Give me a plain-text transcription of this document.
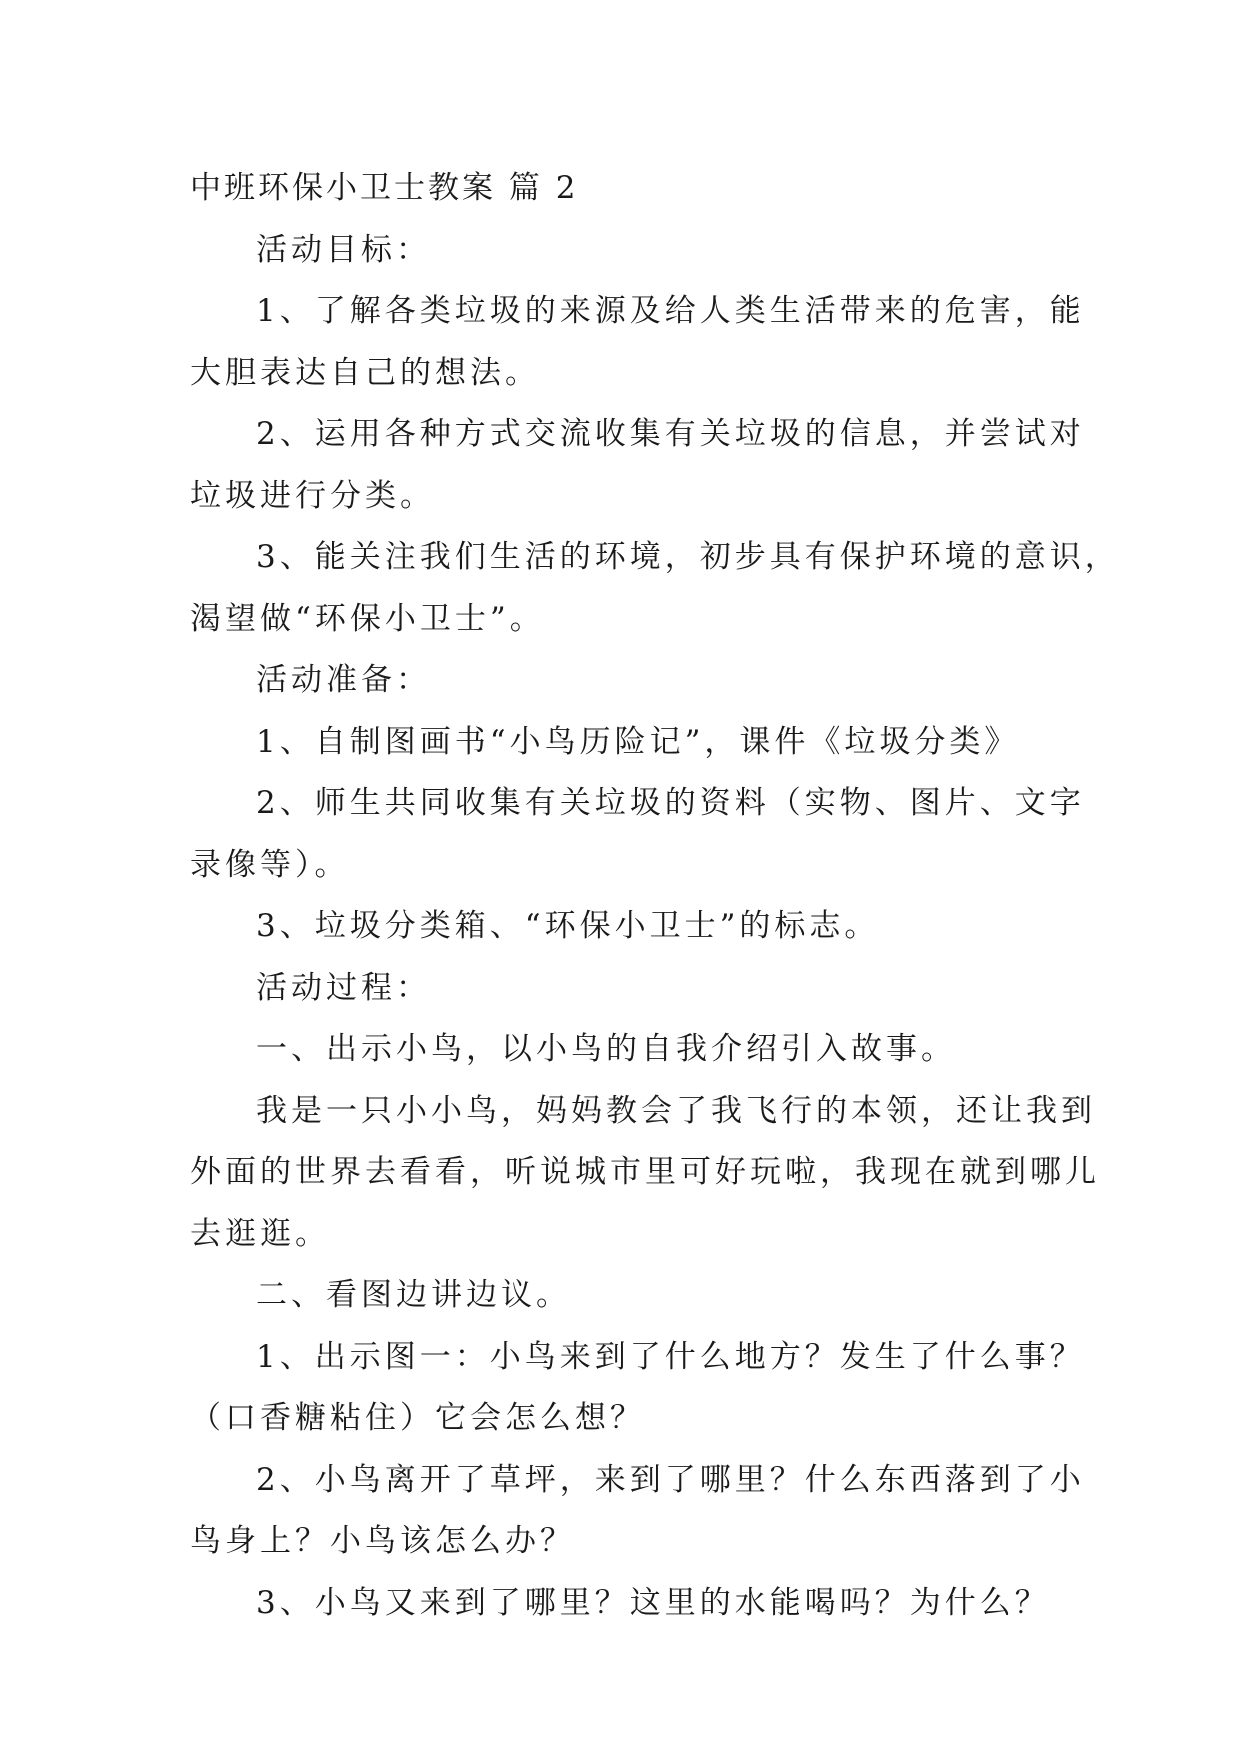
中班环保小卫士教案 篇 2
活动目标：
1、了解各类垃圾的来源及给人类生活带来的危害，能
大胆表达自己的想法。
2、运用各种方式交流收集有关垃圾的信息，并尝试对
垃圾进行分类。
3、能关注我们生活的环境，初步具有保护环境的意识，
渴望做“环保小卫士”。
活动准备：
1、自制图画书“小鸟历险记”，课件《垃圾分类》
2、师生共同收集有关垃圾的资料（实物、图片、文字
录像等）。
3、垃圾分类箱、“环保小卫士”的标志。
活动过程：
一、出示小鸟，以小鸟的自我介绍引入故事。
我是一只小小鸟，妈妈教会了我飞行的本领，还让我到
外面的世界去看看，听说城市里可好玩啦，我现在就到哪儿
去逛逛。
二、看图边讲边议。
1、出示图一：小鸟来到了什么地方？发生了什么事？
（口香糖粘住）它会怎么想？
2、小鸟离开了草坪，来到了哪里？什么东西落到了小
鸟身上？小鸟该怎么办？
3、小鸟又来到了哪里？这里的水能喝吗？为什么？
